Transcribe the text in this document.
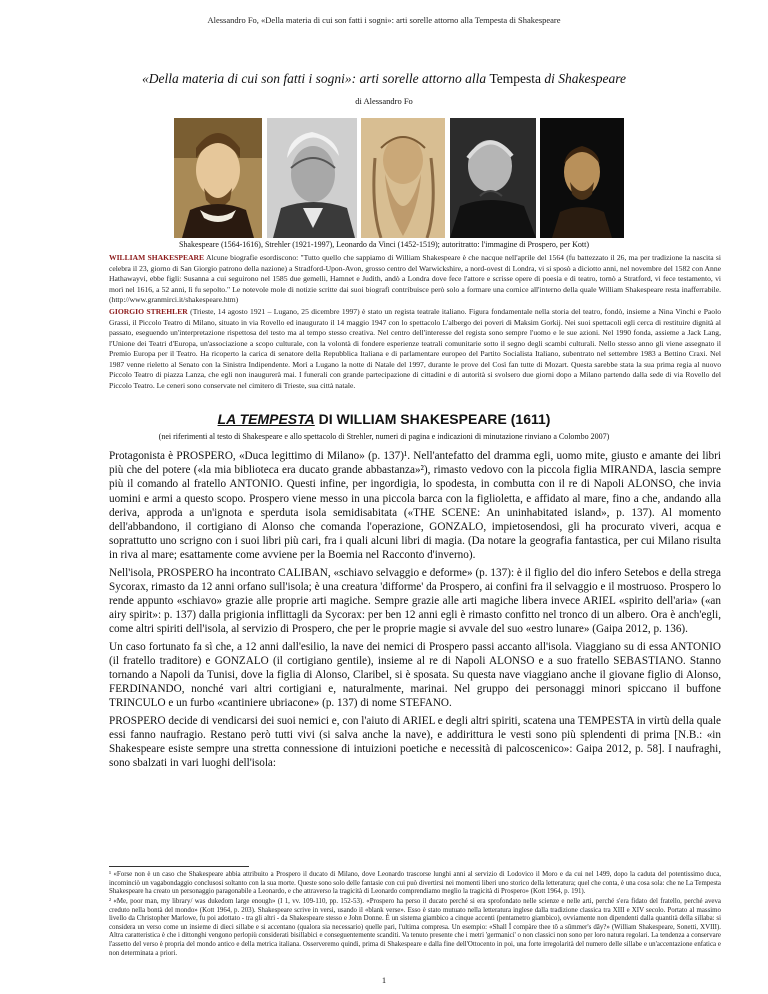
Alessandro Fo, «Della materia di cui son fatti i sogni»: arti sorelle attorno alla Tempesta di Shakespeare
«Della materia di cui son fatti i sogni»: arti sorelle attorno alla Tempesta di Shakespeare
di Alessandro Fo
Shakespeare (1564-1616), Strehler (1921-1997), Leonardo da Vinci (1452-1519); autoritratto: l'immagine di Prospero, per Kott)
WILLIAM SHAKESPEARE Alcune biografie esordiscono: "Tutto quello che sappiamo di William Shakespeare è che nacque nell'aprile del 1564 (fu battezzato il 26, ma per tradizione la nascita si celebra il 23, giorno di San Giorgio patrono della nazione) a Stradford-Upon-Avon, grosso centro del Warwickshire, a nord-ovest di Londra, vi si sposò a diciotto anni, nel novembre del 1582 con Anne Hathawayvi, ebbe figli: Susanna a cui seguirono nel 1585 due gemelli, Hamnet e Judith, andò a Londra dove fece l'attore e scrisse opere di poesia e di teatro, tornò a Stratford, vi fece testamento, vi morì nel 1616, a 52 anni, lì fu sepolto." Le notevole mole di notizie scritte dai suoi biografi contribuisce però solo a formare una cornice all'interno della quale William Shakespeare resta inafferrabile. (http://www.granmirci.it/shakespeare.htm)
GIORGIO STREHLER (Trieste, 14 agosto 1921 – Lugano, 25 dicembre 1997) è stato un regista teatrale italiano. Figura fondamentale nella storia del teatro, fondò, insieme a Nina Vinchi e Paolo Grassi, il Piccolo Teatro di Milano, situato in via Rovello ed inaugurato il 14 maggio 1947 con lo spettacolo L'albergo dei poveri di Maksim Gorkij. Nei suoi spettacoli egli cerca di restituire dignità al passato, eseguendo un'interpretazione rispettosa del testo ma al tempo stesso creativa. Nel centro dell'interesse del regista sono sempre l'uomo e le sue azioni. Nel 1990 fonda, assieme a Jack Lang, l'Unione dei Teatri d'Europa, un'associazione a scopo culturale, con la volontà di fondere esperienze teatrali comunitarie sotto il segno degli scambi culturali. Nello stesso anno gli viene assegnato il Premio Europa per il Teatro. Ha ricoperto la carica di senatore della Repubblica Italiana e di parlamentare europeo del Partito Socialista Italiano, subentrato nel settembre 1983 a Bettino Craxi. Nel 1987 venne rieletto al Senato con la Sinistra Indipendente. Morì a Lugano la notte di Natale del 1997, durante le prove del Così fan tutte di Mozart. Questa sarebbe stata la sua prima regia al nuovo Piccolo Teatro di piazza Lanza, che egli non inaugurerà mai. I funerali con grande partecipazione di cittadini e di autorità si svolsero due giorni dopo a Milano partendo dalla sede di via Rovello del Piccolo Teatro. Le ceneri sono conservate nel cimitero di Trieste, sua città natale.
LA TEMPESTA DI WILLIAM SHAKESPEARE (1611)
(nei riferimenti al testo di Shakespeare e allo spettacolo di Strehler, numeri di pagina e indicazioni di minutazione rinviano a Colombo 2007)

Protagonista è PROSPERO, «Duca legittimo di Milano» (p. 137)¹. Nell'antefatto del dramma egli, uomo mite, giusto e amante dei libri più che del potere («la mia biblioteca era ducato grande abbastanza»²), rimasto vedovo con la piccola figlia MIRANDA, lascia sempre più il comando al fratello ANTONIO. Questi infine, per ingordigia, lo spodesta, in combutta con il re di Napoli ALONSO, che invia uomini e armi a questo scopo. Prospero viene messo in una piccola barca con la figlioletta, e affidato al mare, fino a che, andando alla deriva, approda a un'ignota e sperduta isola semidisabitata («THE SCENE: An uninhabitated island», p. 137). Al momento dell'abbandono, il cortigiano di Alonso che comanda l'operazione, GONZALO, impietosendosi, gli ha procurato viveri, acqua e soprattutto uno scrigno con i suoi libri più cari, fra i quali alcuni libri di magia. (Da notare la geografia fantastica, per cui Milano risulta in riva al mare; esattamente come avviene per la Boemia nel Racconto d'inverno).

Nell'isola, PROSPERO ha incontrato CALIBAN, «schiavo selvaggio e deforme» (p. 137): è il figlio del dio infero Setebos e della strega Sycorax, rimasto da 12 anni orfano sull'isola; è una creatura 'difforme' da Prospero, ai confini fra il selvaggio e il mostruoso. Prospero lo rende appunto «schiavo» grazie alle proprie arti magiche. Sempre grazie alle arti magiche libera invece ARIEL «spirito dell'aria» («an airy spirit»: p. 137) dalla prigionia inflittagli da Sycorax: per ben 12 anni egli è rimasto confitto nel tronco di un albero. Ora è anch'egli, come altri spiriti dell'isola, al servizio di Prospero, che per le proprie magie si avvale del suo «estro lunare» (Gaipa 2012, p. 136).

Un caso fortunato fa sì che, a 12 anni dall'esilio, la nave dei nemici di Prospero passi accanto all'isola. Viaggiano su di essa ANTONIO (il fratello traditore) e GONZALO (il cortigiano gentile), insieme al re di Napoli ALONSO e a suo fratello SEBASTIANO. Stanno tornando a Napoli da Tunisi, dove la figlia di Alonso, Claribel, si è sposata. Su questa nave viaggiano anche il giovane figlio di Alonso, FERDINANDO, nonché vari altri cortigiani e, naturalmente, marinai. Nel gruppo dei personaggi minori spiccano il buffone TRINCULO e un furbo «cantiniere ubriacone» (p. 137) di nome STEFANO.

PROSPERO decide di vendicarsi dei suoi nemici e, con l'aiuto di ARIEL e degli altri spiriti, scatena una TEMPESTA in virtù della quale essi fanno naufragio. Restano però tutti vivi (si salva anche la nave), e addirittura le vesti sono più splendenti di prima [N.B.: «in Shakespeare esiste sempre una stretta connessione di intuizioni poetiche e necessità di palcoscenico»: Gaipa 2012, p. 58]. I naufraghi, sono sbalzati in vari luoghi dell'isola:

¹ «Forse non è un caso che Shakespeare abbia attribuito a Prospero il ducato di Milano, dove Leonardo trascorse lunghi anni al servizio di Lodovico il Moro e da cui nel 1499, dopo la caduta del potentissimo duca, incominciò un vagabondaggio conclusosi soltanto con la sua morte. Queste sono solo delle fantasie con cui può divertirsi nei momenti liberi uno storico della letteratura; quel che conta, è una cosa sola: che ne La Tempesta Shakespeare ha creato un personaggio paragonabile a Leonardo, e che attraverso la tragicità di Leonardo comprendiamo meglio la tragicità di Prospero» (Kott 1964, p. 191).
² «Me, poor man, my library/ was dukedom large enough» (I 1, vv. 109-110, pp. 152-53). «Prospero ha perso il ducato perché si era sprofondato nelle scienze e nelle arti, perché s'era fidato del fratello, perché aveva creduto nella bontà del mondo» (Kott 1964, p. 203). Shakespeare scrive in versi, usando il «blank verse». Esso è stato mutuato nella letteratura inglese dalla tradizione classica tra XIII e XIV secolo. Portato al massimo livello da Christopher Marlowe, fu poi adottato - tra gli altri - da Shakespeare stesso e John Donne. È un sistema giambico a cinque accenti (pentametro giambico), ovviamente non dipendenti dalla quantità della sillaba: si considera un verso come un insieme di dieci sillabe e si accentano (qualora sia necessario) quelle pari, l'ultima compresa. Un esempio: «Shall Ĭ compàre thee tŏ a sŭmmer's dăy?» (William Shakespeare, Sonetti, XVIII). Altra caratteristica è che i dittonghi vengono perlopiù considerati bisillabici e conseguentemente scanditi. Va tenuto presente che i metri 'germanici' o non classici non sono per loro natura regolari. La tendenza a conservare l'assetto del verso è propria del mondo antico e della metrica italiana. Osserveremo quindi, prima di Shakespeare e dalla fine dell'Ottocento in poi, una forte irregolarità del numero delle sillabe e un'accentazione enfatica e non determinata a priori.
1
